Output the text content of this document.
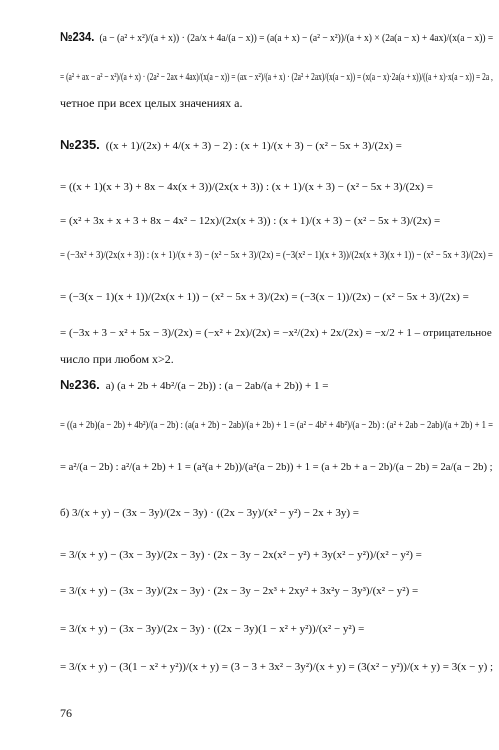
№234. (a − (a² + x²)/(a + x)) · (2a/x + 4a/(a − x)) = (a(a + x) − (a² − x²))/(a + x) × (2a(a − x) + 4ax)/(x(a − x)) =
= (a² + ax − a² − x²)/(a + x) · (2a² − 2ax + 4ax)/(x(a − x)) = (ax − x²)/(a + x) · (2a² + 2ax)/(x(a − x)) = (x(a − x)·2a(a + x))/((a + x)·x(a − x)) = 2a ,
четное при всех целых значениях a.
№235. ((x + 1)/(2x) + 4/(x + 3) − 2) : (x + 1)/(x + 3) − (x² − 5x + 3)/(2x) =
= ((x + 1)(x + 3) + 8x − 4x(x + 3))/(2x(x + 3)) : (x + 1)/(x + 3) − (x² − 5x + 3)/(2x) =
= (x² + 3x + x + 3 + 8x − 4x² − 12x)/(2x(x + 3)) : (x + 1)/(x + 3) − (x² − 5x + 3)/(2x) =
= (−3x² + 3)/(2x(x + 3)) : (x + 1)/(x + 3) − (x² − 5x + 3)/(2x) = (−3(x² − 1)(x + 3))/(2x(x + 3)(x + 1)) − (x² − 5x + 3)/(2x) =
= (−3(x − 1)(x + 1))/(2x(x + 1)) − (x² − 5x + 3)/(2x) = (−3(x − 1))/(2x) − (x² − 5x + 3)/(2x) =
= (−3x + 3 − x² + 5x − 3)/(2x) = (−x² + 2x)/(2x) = −x²/(2x) + 2x/(2x) = −x/2 + 1 – отрицательное
число при любом x>2.
№236. а) (a + 2b + 4b²/(a − 2b)) : (a − 2ab/(a + 2b)) + 1 =
= ((a + 2b)(a − 2b) + 4b²)/(a − 2b) : (a(a + 2b) − 2ab)/(a + 2b) + 1 = (a² − 4b² + 4b²)/(a − 2b) : (a² + 2ab − 2ab)/(a + 2b) + 1 =
= a²/(a − 2b) : a²/(a + 2b) + 1 = (a²(a + 2b))/(a²(a − 2b)) + 1 = (a + 2b + a − 2b)/(a − 2b) = 2a/(a − 2b) ;
б) 3/(x + y) − (3x − 3y)/(2x − 3y) · ((2x − 3y)/(x² − y²) − 2x + 3y) =
= 3/(x + y) − (3x − 3y)/(2x − 3y) · (2x − 3y − 2x(x² − y²) + 3y(x² − y²))/(x² − y²) =
= 3/(x + y) − (3x − 3y)/(2x − 3y) · (2x − 3y − 2x³ + 2xy² + 3x²y − 3y³)/(x² − y²) =
= 3/(x + y) − (3x − 3y)/(2x − 3y) · ((2x − 3y)(1 − x² + y²))/(x² − y²) =
= 3/(x + y) − (3(1 − x² + y²))/(x + y) = (3 − 3 + 3x² − 3y²)/(x + y) = (3(x² − y²))/(x + y) = 3(x − y) ;
76
